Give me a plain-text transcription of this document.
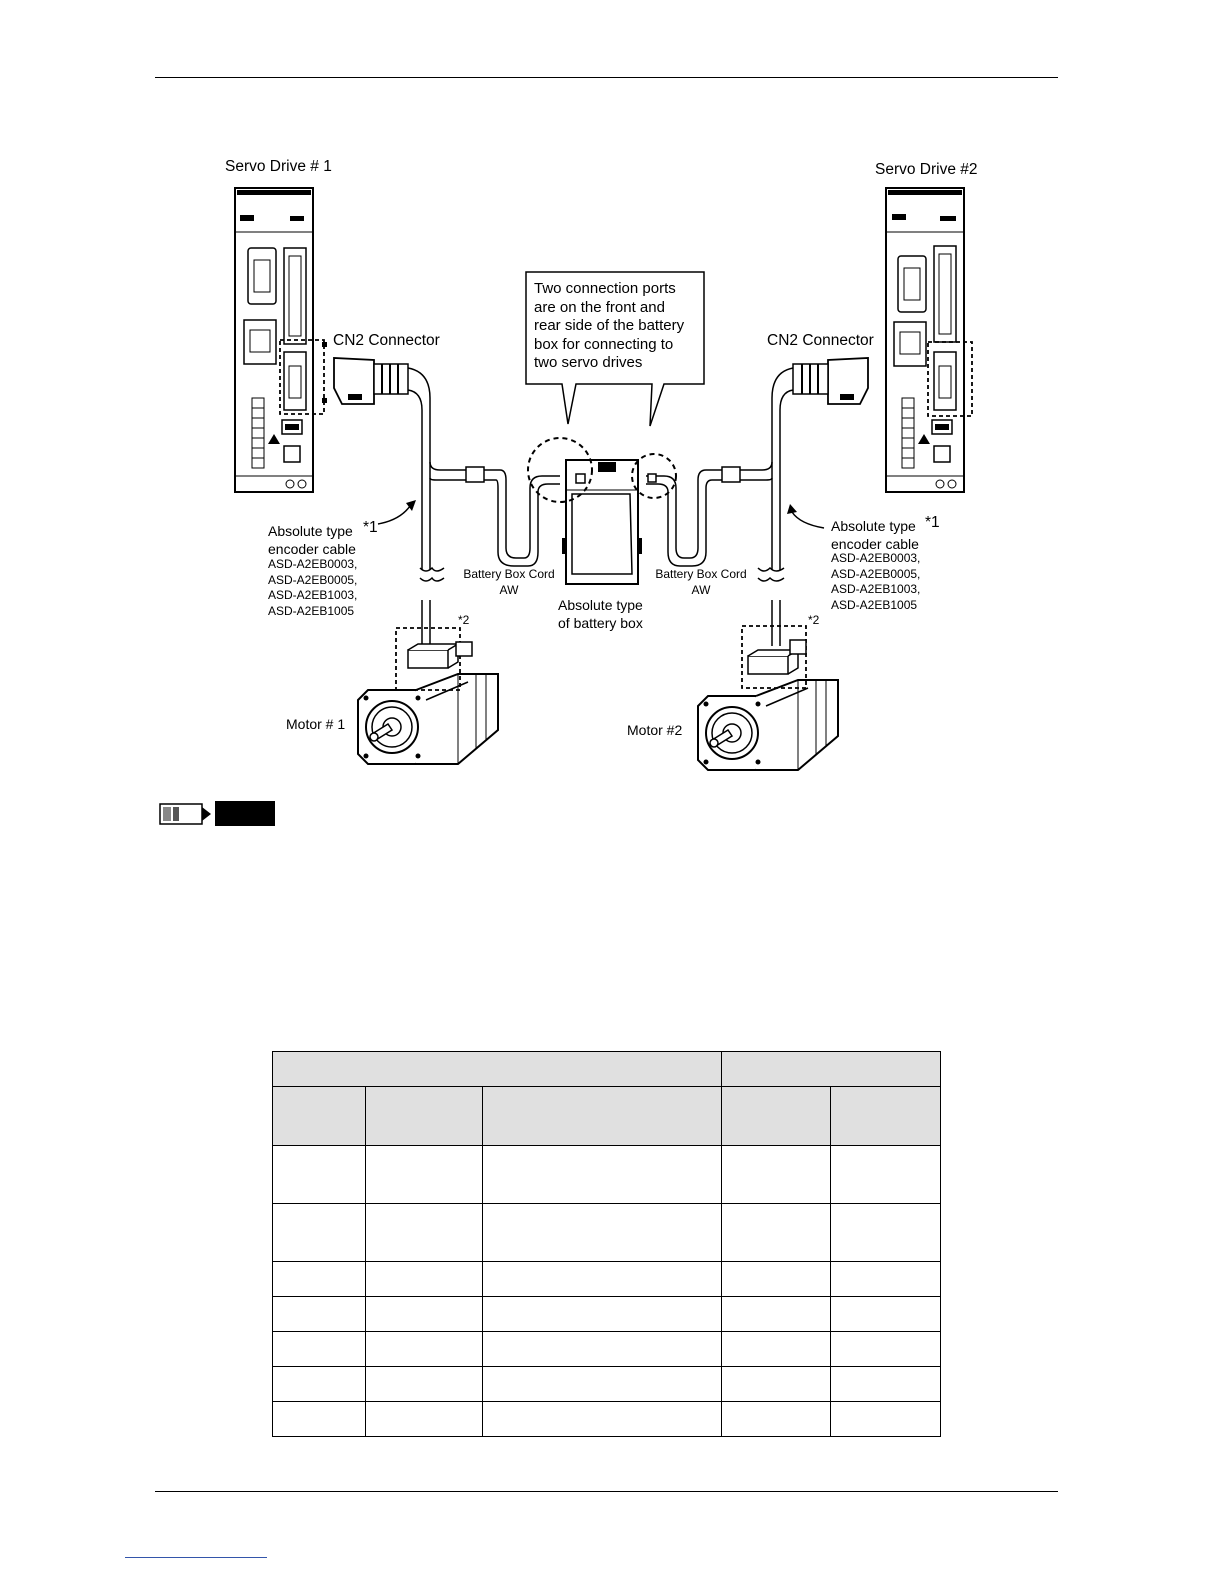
Servo Drive # 1	Servo Drive #2
CN2 Connector	CN2 Connector
Two connection ports
are on the front and
rear side of the battery
box for connecting to
two servo drives
Absolute type *1
encoder cable
ASD-A2EB0003,
ASD-A2EB0005,
ASD-A2EB1003,
ASD-A2EB1005
Absolute type *1
encoder cable
ASD-A2EB0003,
ASD-A2EB0005,
ASD-A2EB1003,
ASD-A2EB1005
Battery Box Cord
AW
Battery Box Cord
AW
Absolute type
of battery box
*2	*2
Motor # 1	Motor #2
